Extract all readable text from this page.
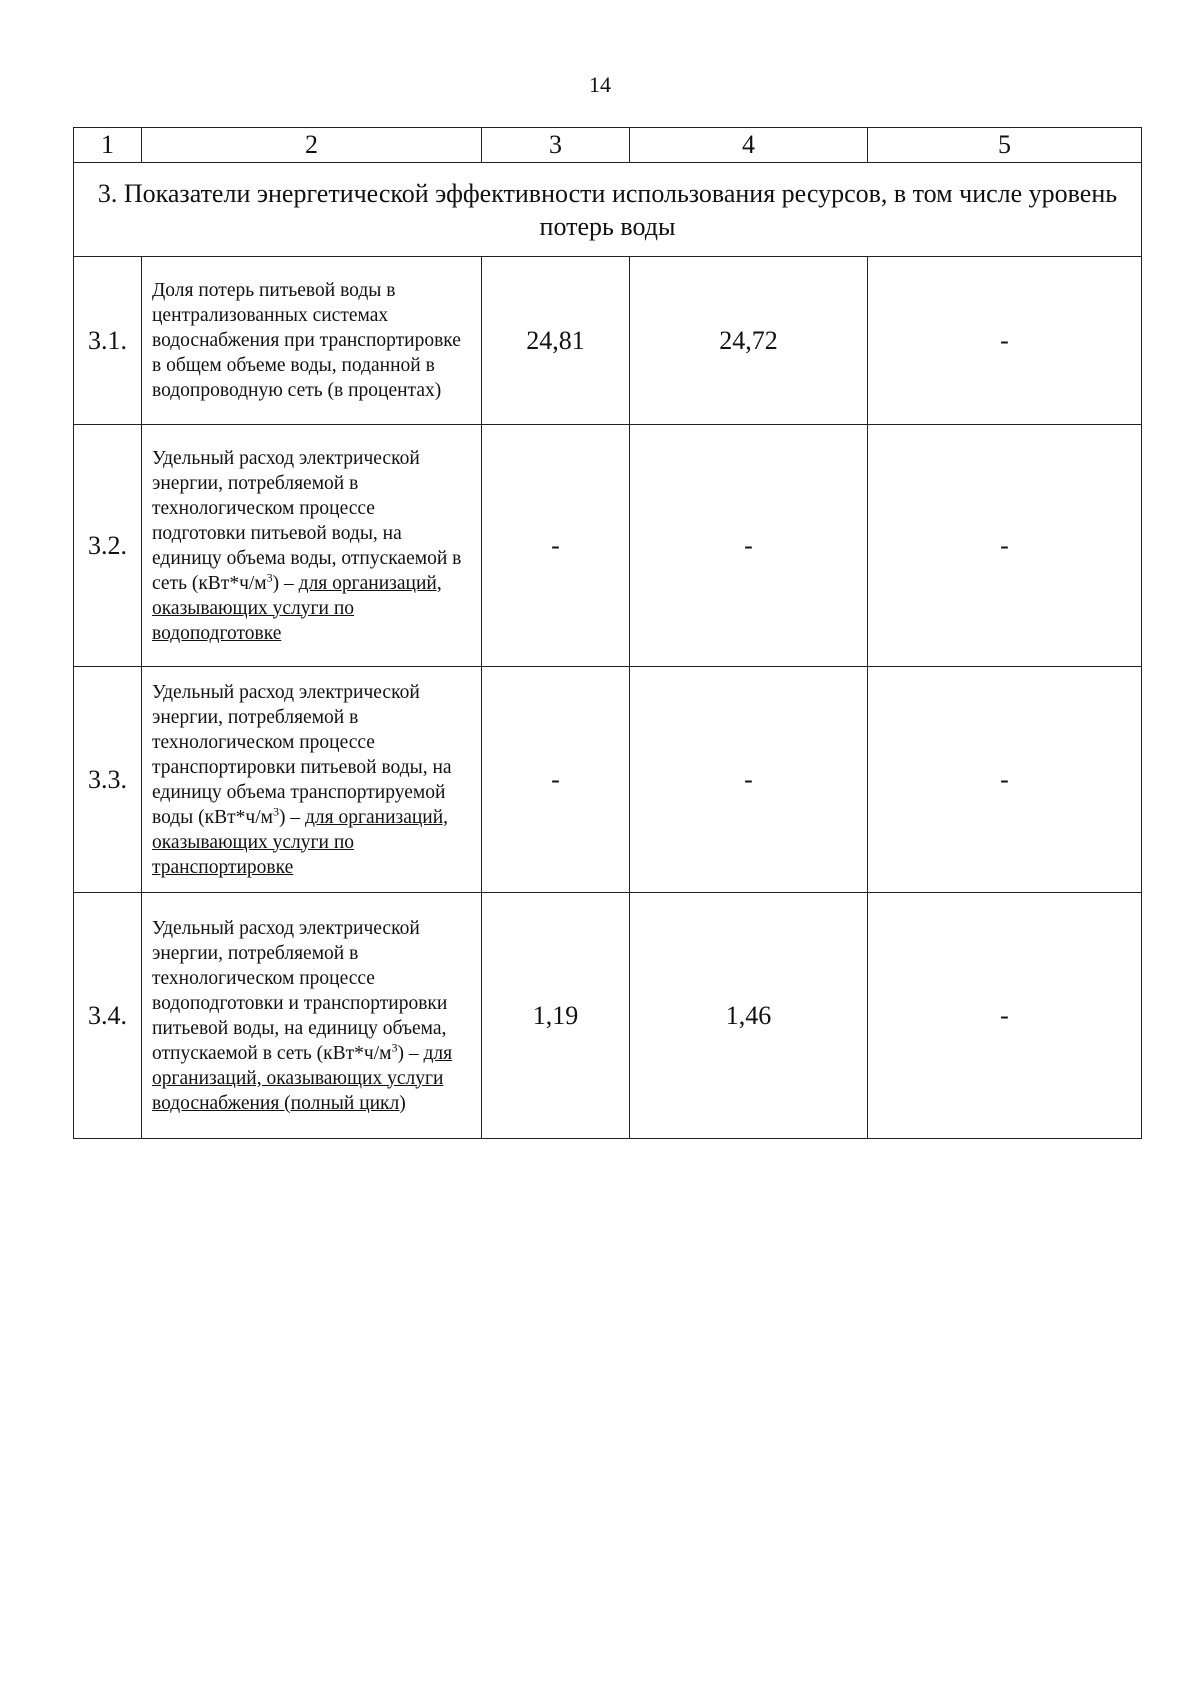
14
1	2	3	4	5
3. Показатели энергетической эффективности использования ресурсов, в том числе уровень потерь воды				
3.1.	Доля потерь питьевой воды в централизованных системах водоснабжения при транспортировке в общем объеме воды, поданной в водопроводную сеть (в процентах)	24,81	24,72	-
3.2.	Удельный расход электрической энергии, потребляемой в технологическом процессе подготовки питьевой воды, на единицу объема воды, отпускаемой в сеть $(кВт*ч/м^3)$ – для организаций, оказывающих услуги по водоподготовке	-	-	-
3.3.	Удельный расход электрической энергии, потребляемой в технологическом процессе транспортировки питьевой воды, на единицу объема транспортируемой воды $(кВт*ч/м^3)$ – для организаций, оказывающих услуги по транспортировке	-	-	-
3.4.	Удельный расход электрической энергии, потребляемой в технологическом процессе водоподготовки и транспортировки питьевой воды, на единицу объема, отпускаемой в сеть $(кВт*ч/м^3)$ – для организаций, оказывающих услуги водоснабжения (полный цикл)	1,19	1,46	-
